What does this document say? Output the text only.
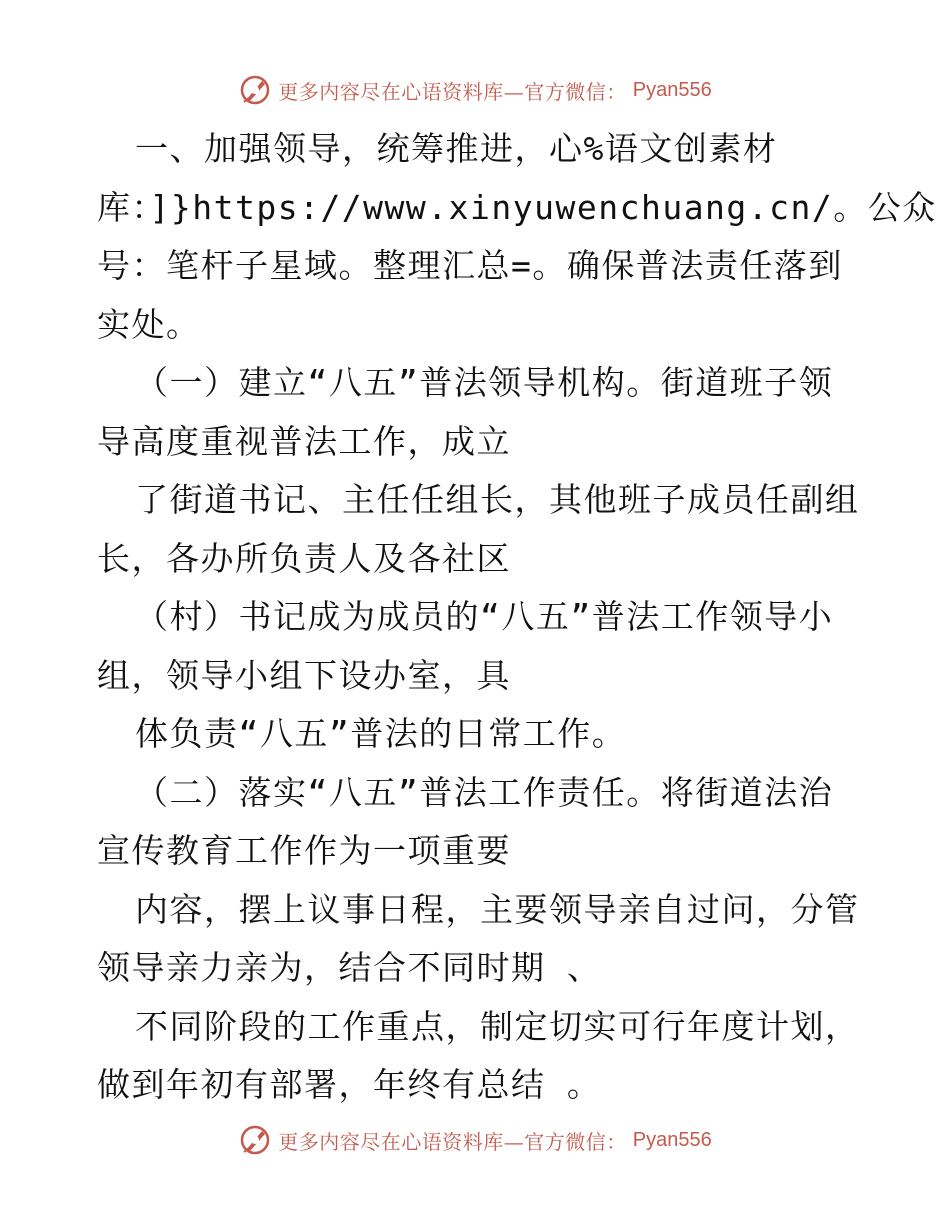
更多内容尽在心语资料库—官方微信： Pyan556
一、加强领导，统筹推进，心%语文创素材
库：]}https://www.xinyuwenchuang.cn/。公众
号：笔杆子星域。整理汇总=。确保普法责任落到
实处。
（一）建立“八五”普法领导机构。街道班子领
导高度重视普法工作，成立
了街道书记、主任任组长，其他班子成员任副组
长，各办所负责人及各社区
（村）书记成为成员的“八五”普法工作领导小
组，领导小组下设办室，具
体负责“八五”普法的日常工作。
（二）落实“八五”普法工作责任。将街道法治
宣传教育工作作为一项重要
内容，摆上议事日程，主要领导亲自过问，分管
领导亲力亲为，结合不同时期 、
不同阶段的工作重点，制定切实可行年度计划，
做到年初有部署，年终有总结 。
更多内容尽在心语资料库—官方微信： Pyan556
